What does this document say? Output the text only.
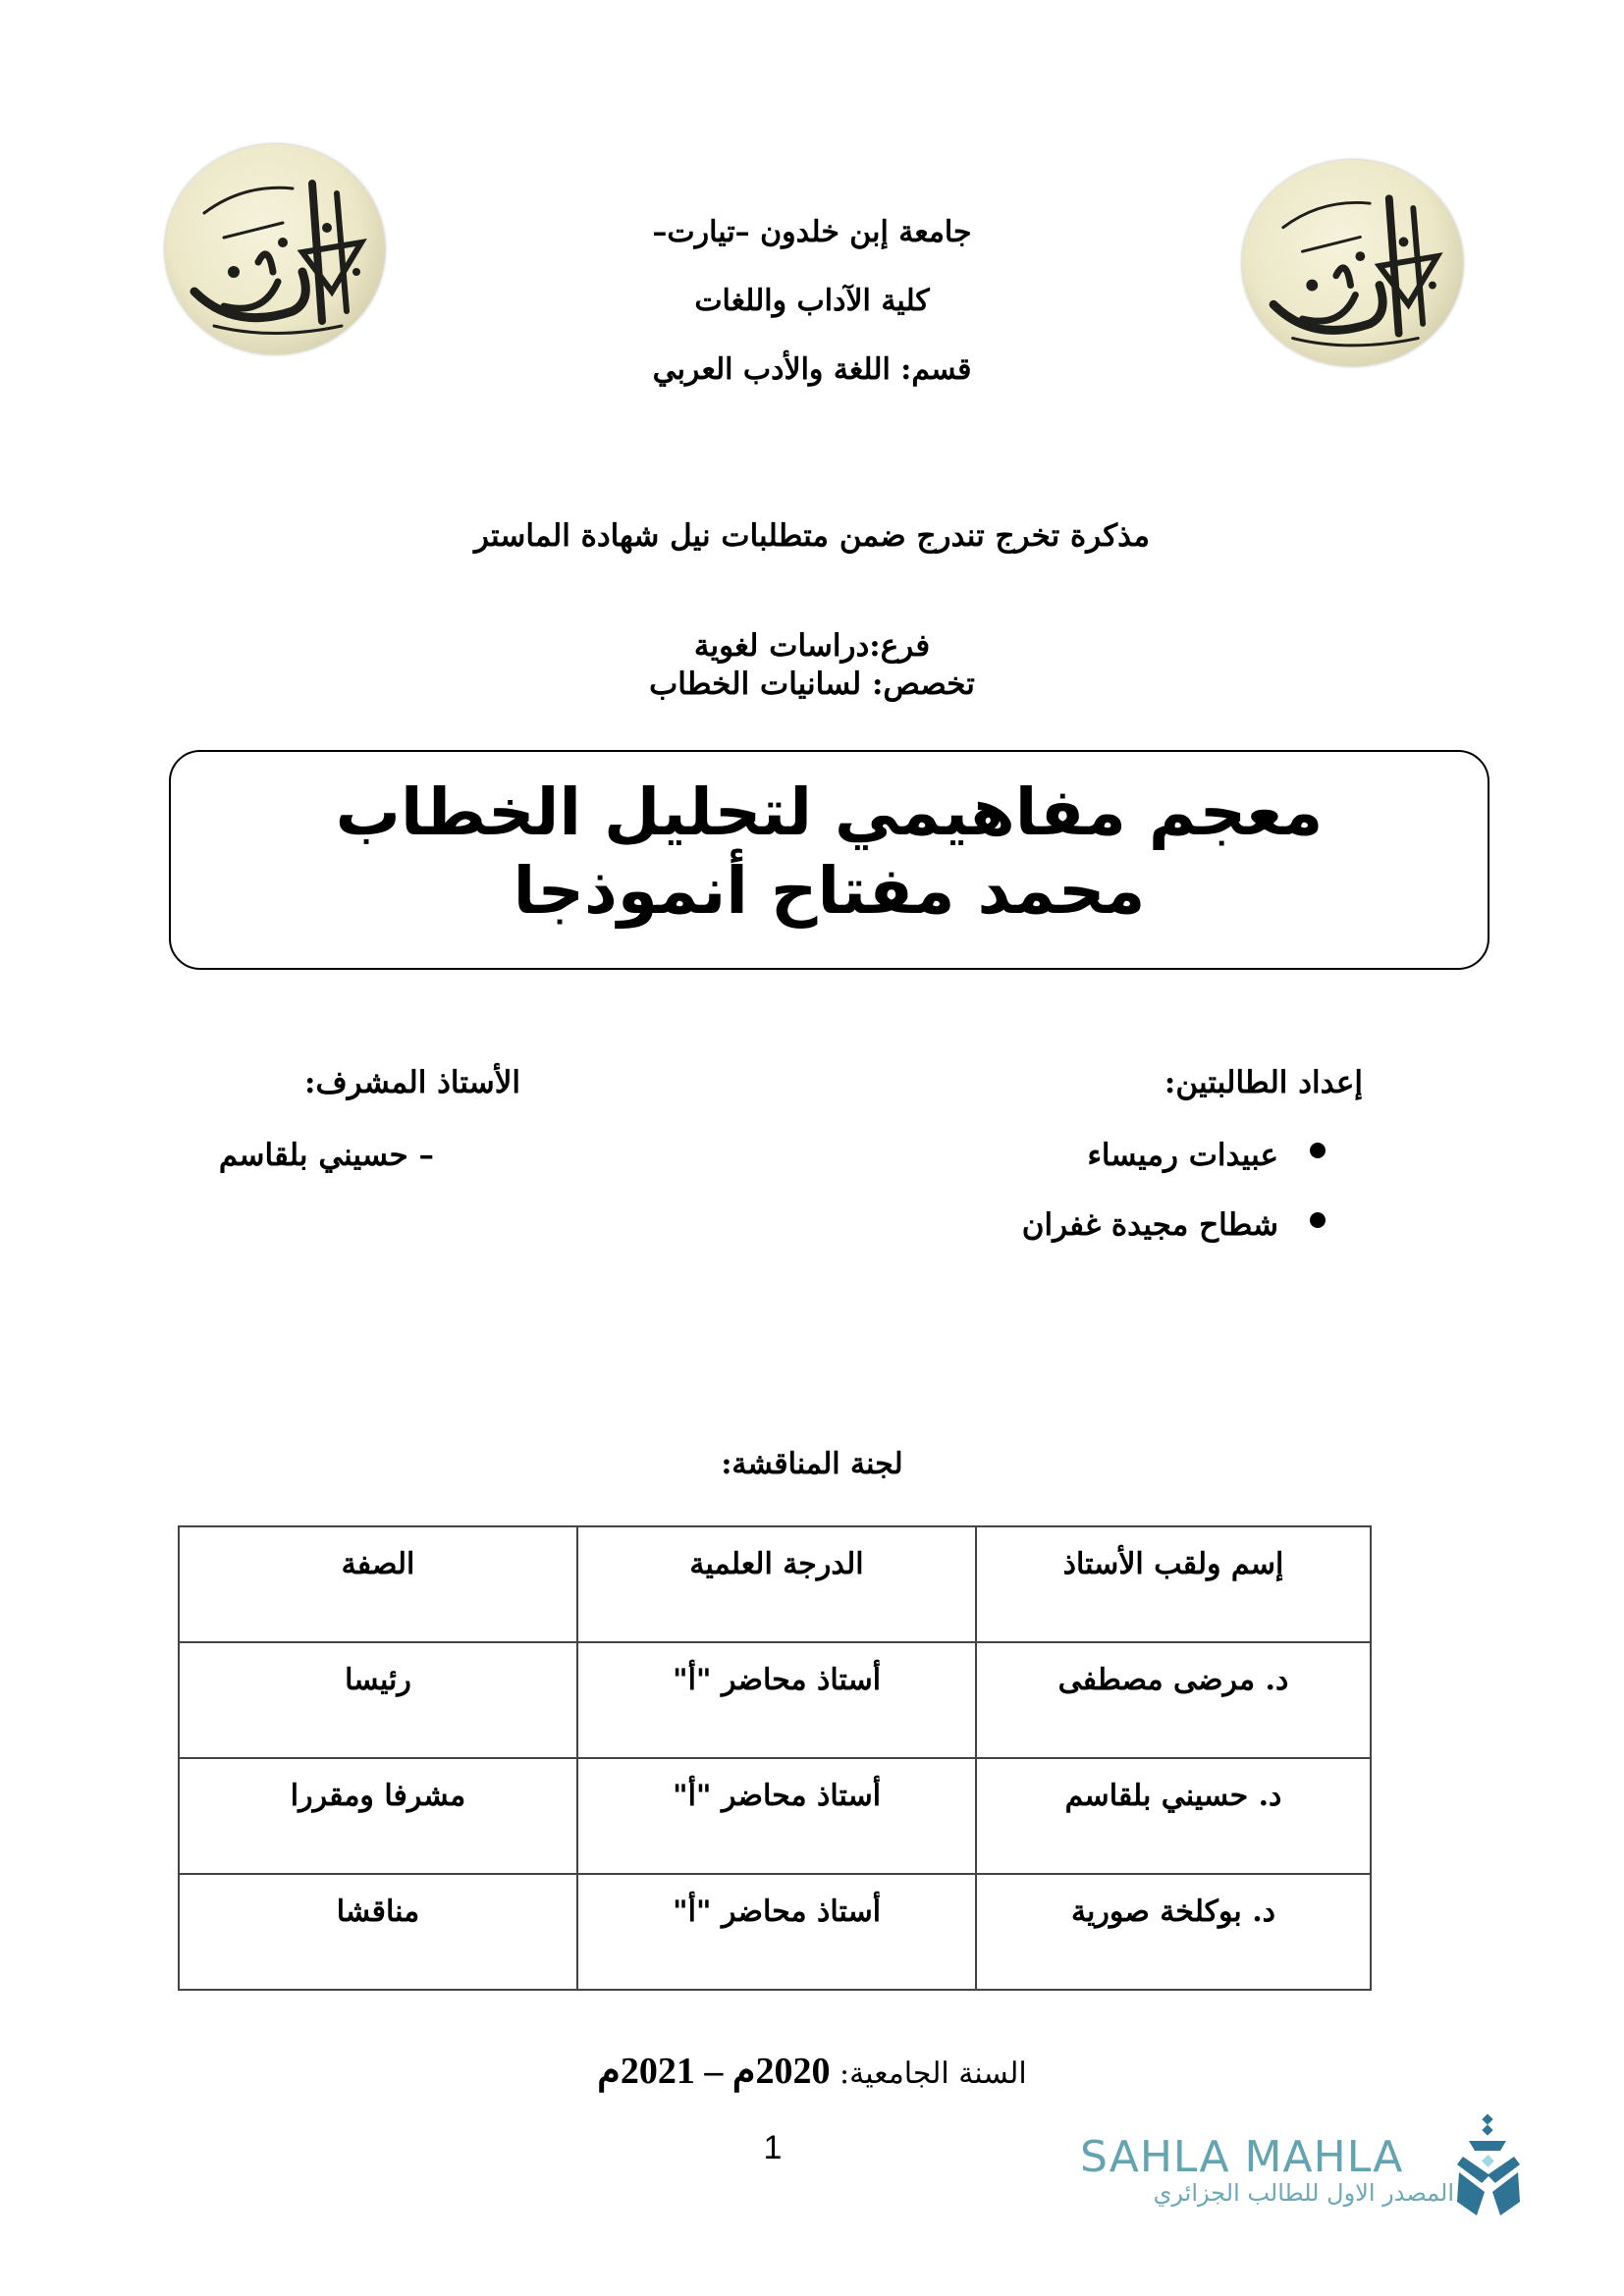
جامعة إبن خلدون –تيارت–
كلية الآداب واللغات
قسم: اللغة والأدب العربي
مذكرة تخرج تندرج ضمن متطلبات نيل شهادة الماستر
فرع:دراسات لغوية
تخصص: لسانيات الخطاب
معجم مفاهيمي لتحليل الخطاب
محمد مفتاح أنموذجا
إعداد الطالبتين:
عبيدات رميساء
شطاح مجيدة غفران
الأستاذ المشرف:
– حسيني بلقاسم
لجنة المناقشة:
إسم ولقب الأستاذ	الدرجة العلمية	الصفة
د. مرضى مصطفى	أستاذ محاضر "أ"	رئيسا
د. حسيني بلقاسم	أستاذ محاضر "أ"	مشرفا ومقررا
د. بوكلخة صورية	أستاذ محاضر "أ"	مناقشا
السنة الجامعية: 2020م – 2021م
1	SAHLA MAHLA
المصدر الاول للطالب الجزائري
